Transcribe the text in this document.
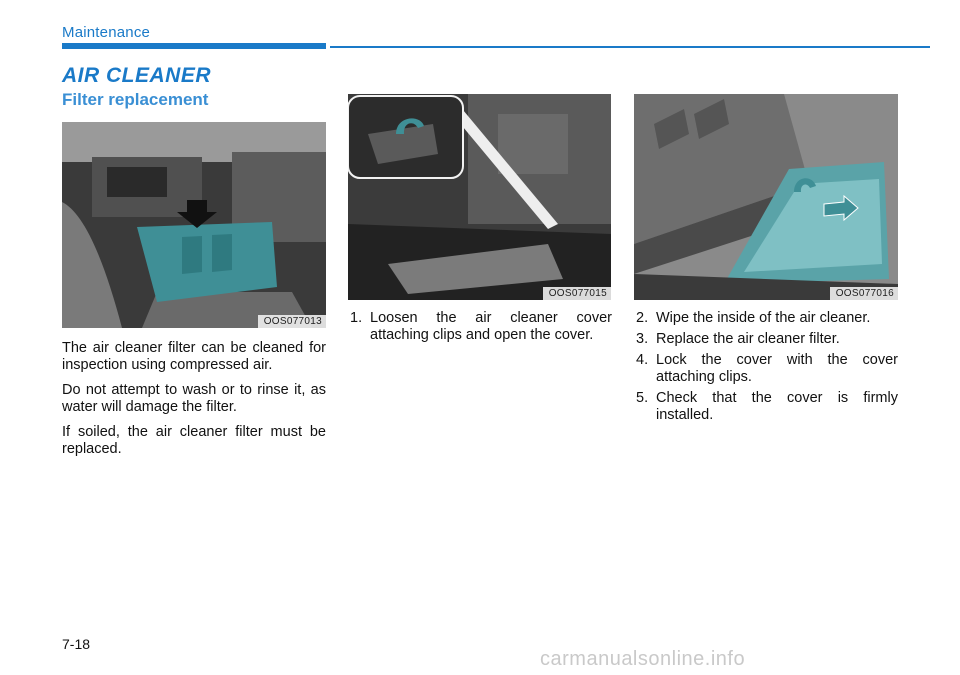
Maintenance
AIR CLEANER
Filter replacement
OOS077013
OOS077015	OOS077016

The air cleaner filter can be cleaned for inspection using compressed air.

Do not attempt to wash or to rinse it, as water will damage the filter.

If soiled, the air cleaner filter must be replaced.

1. Loosen the air cleaner cover attaching clips and open the cover.
2. Wipe the inside of the air cleaner.
3. Replace the air cleaner filter.
4. Lock the cover with the cover attaching clips.
5. Check that the cover is firmly installed.
7-18
carmanualsonline.info
